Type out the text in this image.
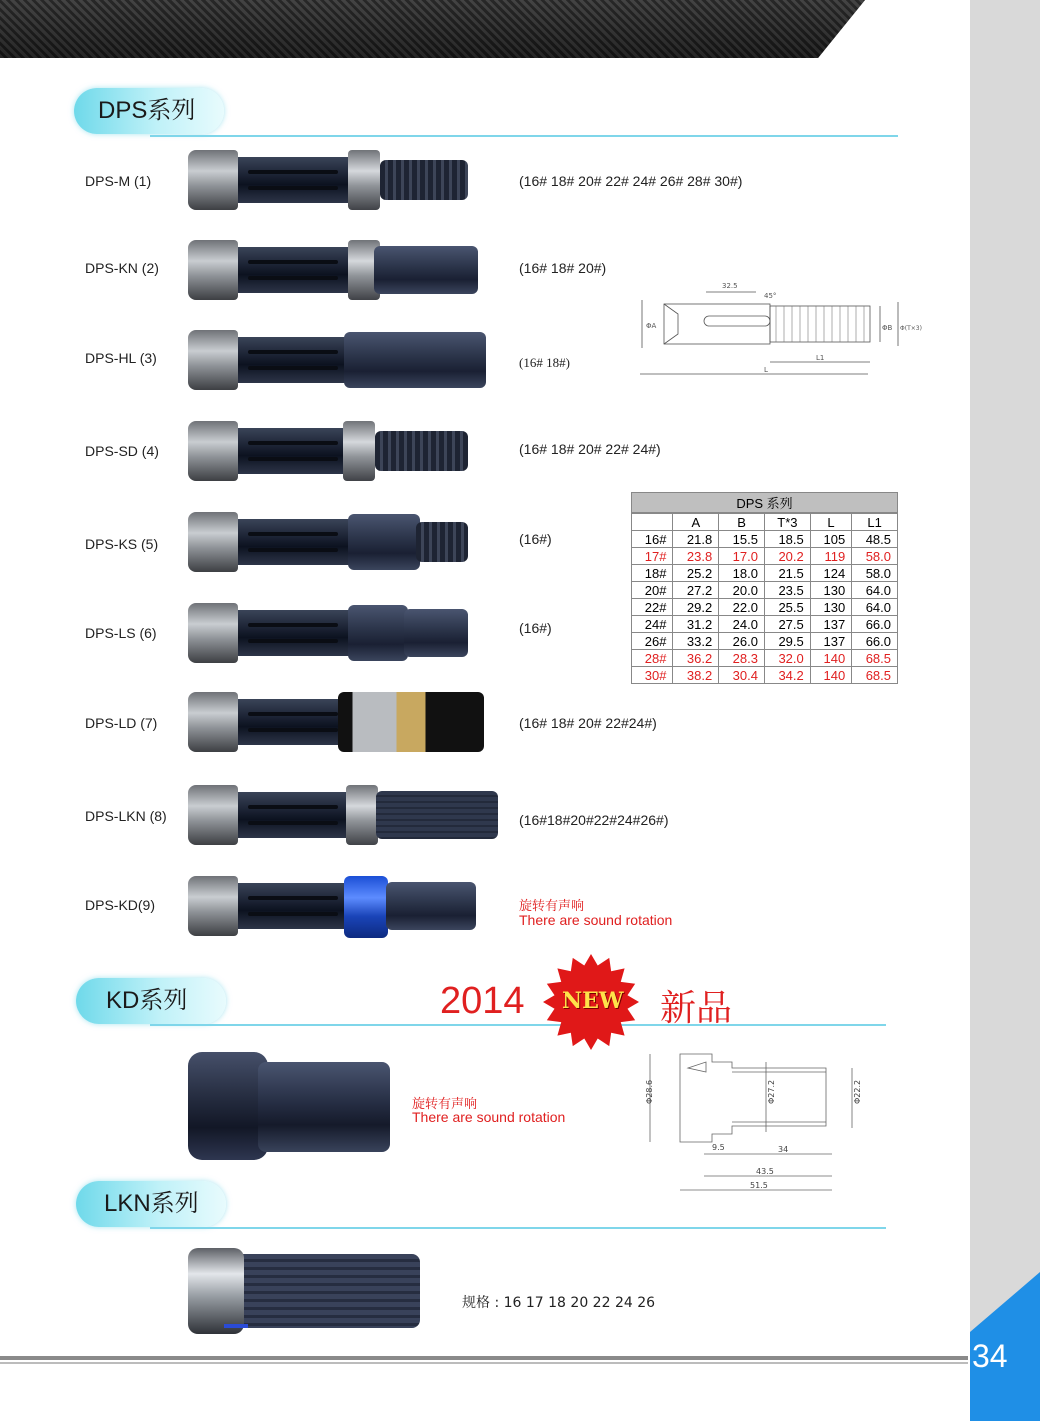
34
DPS系列
DPS-M (1)	(16# 18# 20# 22# 24# 26# 28# 30#)
DPS-KN (2)	(16# 18# 20#)
DPS-HL (3)	(16# 18#)
DPS-SD (4)	(16# 18# 20# 22# 24#)
DPS-KS (5)	(16#)
DPS-LS (6)	(16#)
DPS-LD (7)	(16# 18# 20# 22#24#)
DPS-LKN (8)	(16#18#20#22#24#26#)
DPS-KD(9)	旋转有声响
There are sound rotation
32.5
45°
ΦA	ΦB Φ(T×3)
L1
L
DPS 系列
	A	B	T*3	L	L1
16#	21.8	15.5	18.5	105	48.5
17#	23.8	17.0	20.2	119	58.0
18#	25.2	18.0	21.5	124	58.0
20#	27.2	20.0	23.5	130	64.0
22#	29.2	22.0	25.5	130	64.0
24#	31.2	24.0	27.5	137	66.0
26#	33.2	26.0	29.5	137	66.0
28#	36.2	28.3	32.0	140	68.5
30#	38.2	30.4	34.2	140	68.5
KD系列	2014 NEW 新品
旋转有声响
There are sound rotation
Φ28.6	Φ27.2	Φ22.2
9.5	34
43.5
51.5
LKN系列
规格 : 16 17 18 20 22 24 26
